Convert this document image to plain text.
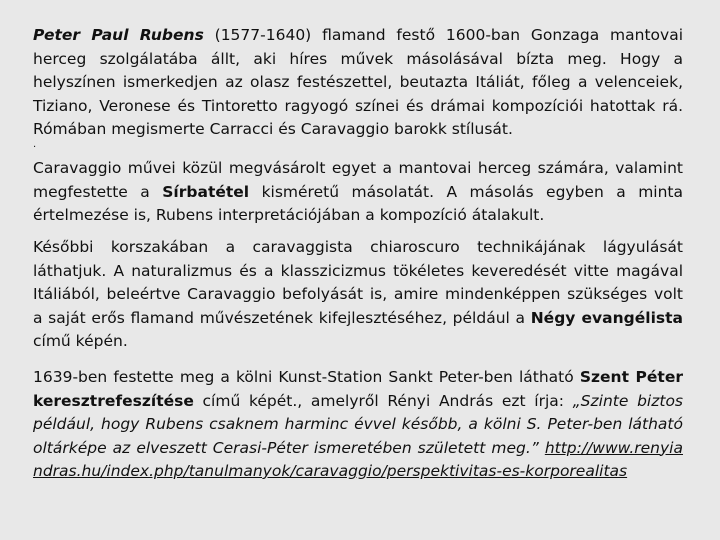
Peter Paul Rubens (1577-1640) flamand festő 1600-ban Gonzaga mantovai herceg szolgálatába állt, aki híres művek másolásával bízta meg. Hogy a helyszínen ismerkedjen az olasz festészettel, beutazta Itáliát, főleg a velenceiek, Tiziano, Veronese és Tintoretto ragyogó színei és drámai kompozíciói hatottak rá. Rómában megismerte Carracci és Caravaggio barokk stílusát.

.

Caravaggio művei közül megvásárolt egyet a mantovai herceg számára, valamint megfestette a Sírbatétel kisméretű másolatát. A másolás egyben a minta értelmezése is, Rubens interpretációjában a kompozíció átalakult.

Későbbi korszakában a caravaggista chiaroscuro technikájának lágyulását láthatjuk. A naturalizmus és a klasszicizmus tökéletes keveredését vitte magával Itáliából, beleértve Caravaggio befolyását is, amire mindenképpen szükséges volt a saját erős flamand művészetének kifejlesztéséhez, például a Négy evangélista című képén.

1639-ben festette meg a kölni Kunst-Station Sankt Peter-ben látható Szent Péter keresztrefeszítése című képét., amelyről Rényi András ezt írja: „Szinte biztos például, hogy Rubens csaknem harminc évvel később, a kölni S. Peter-ben látható oltárképe az elveszett Cerasi-Péter ismeretében született meg.” http://www.renyiandras.hu/index.php/tanulmanyok/caravaggio/perspektivitas-es-korporealitas
